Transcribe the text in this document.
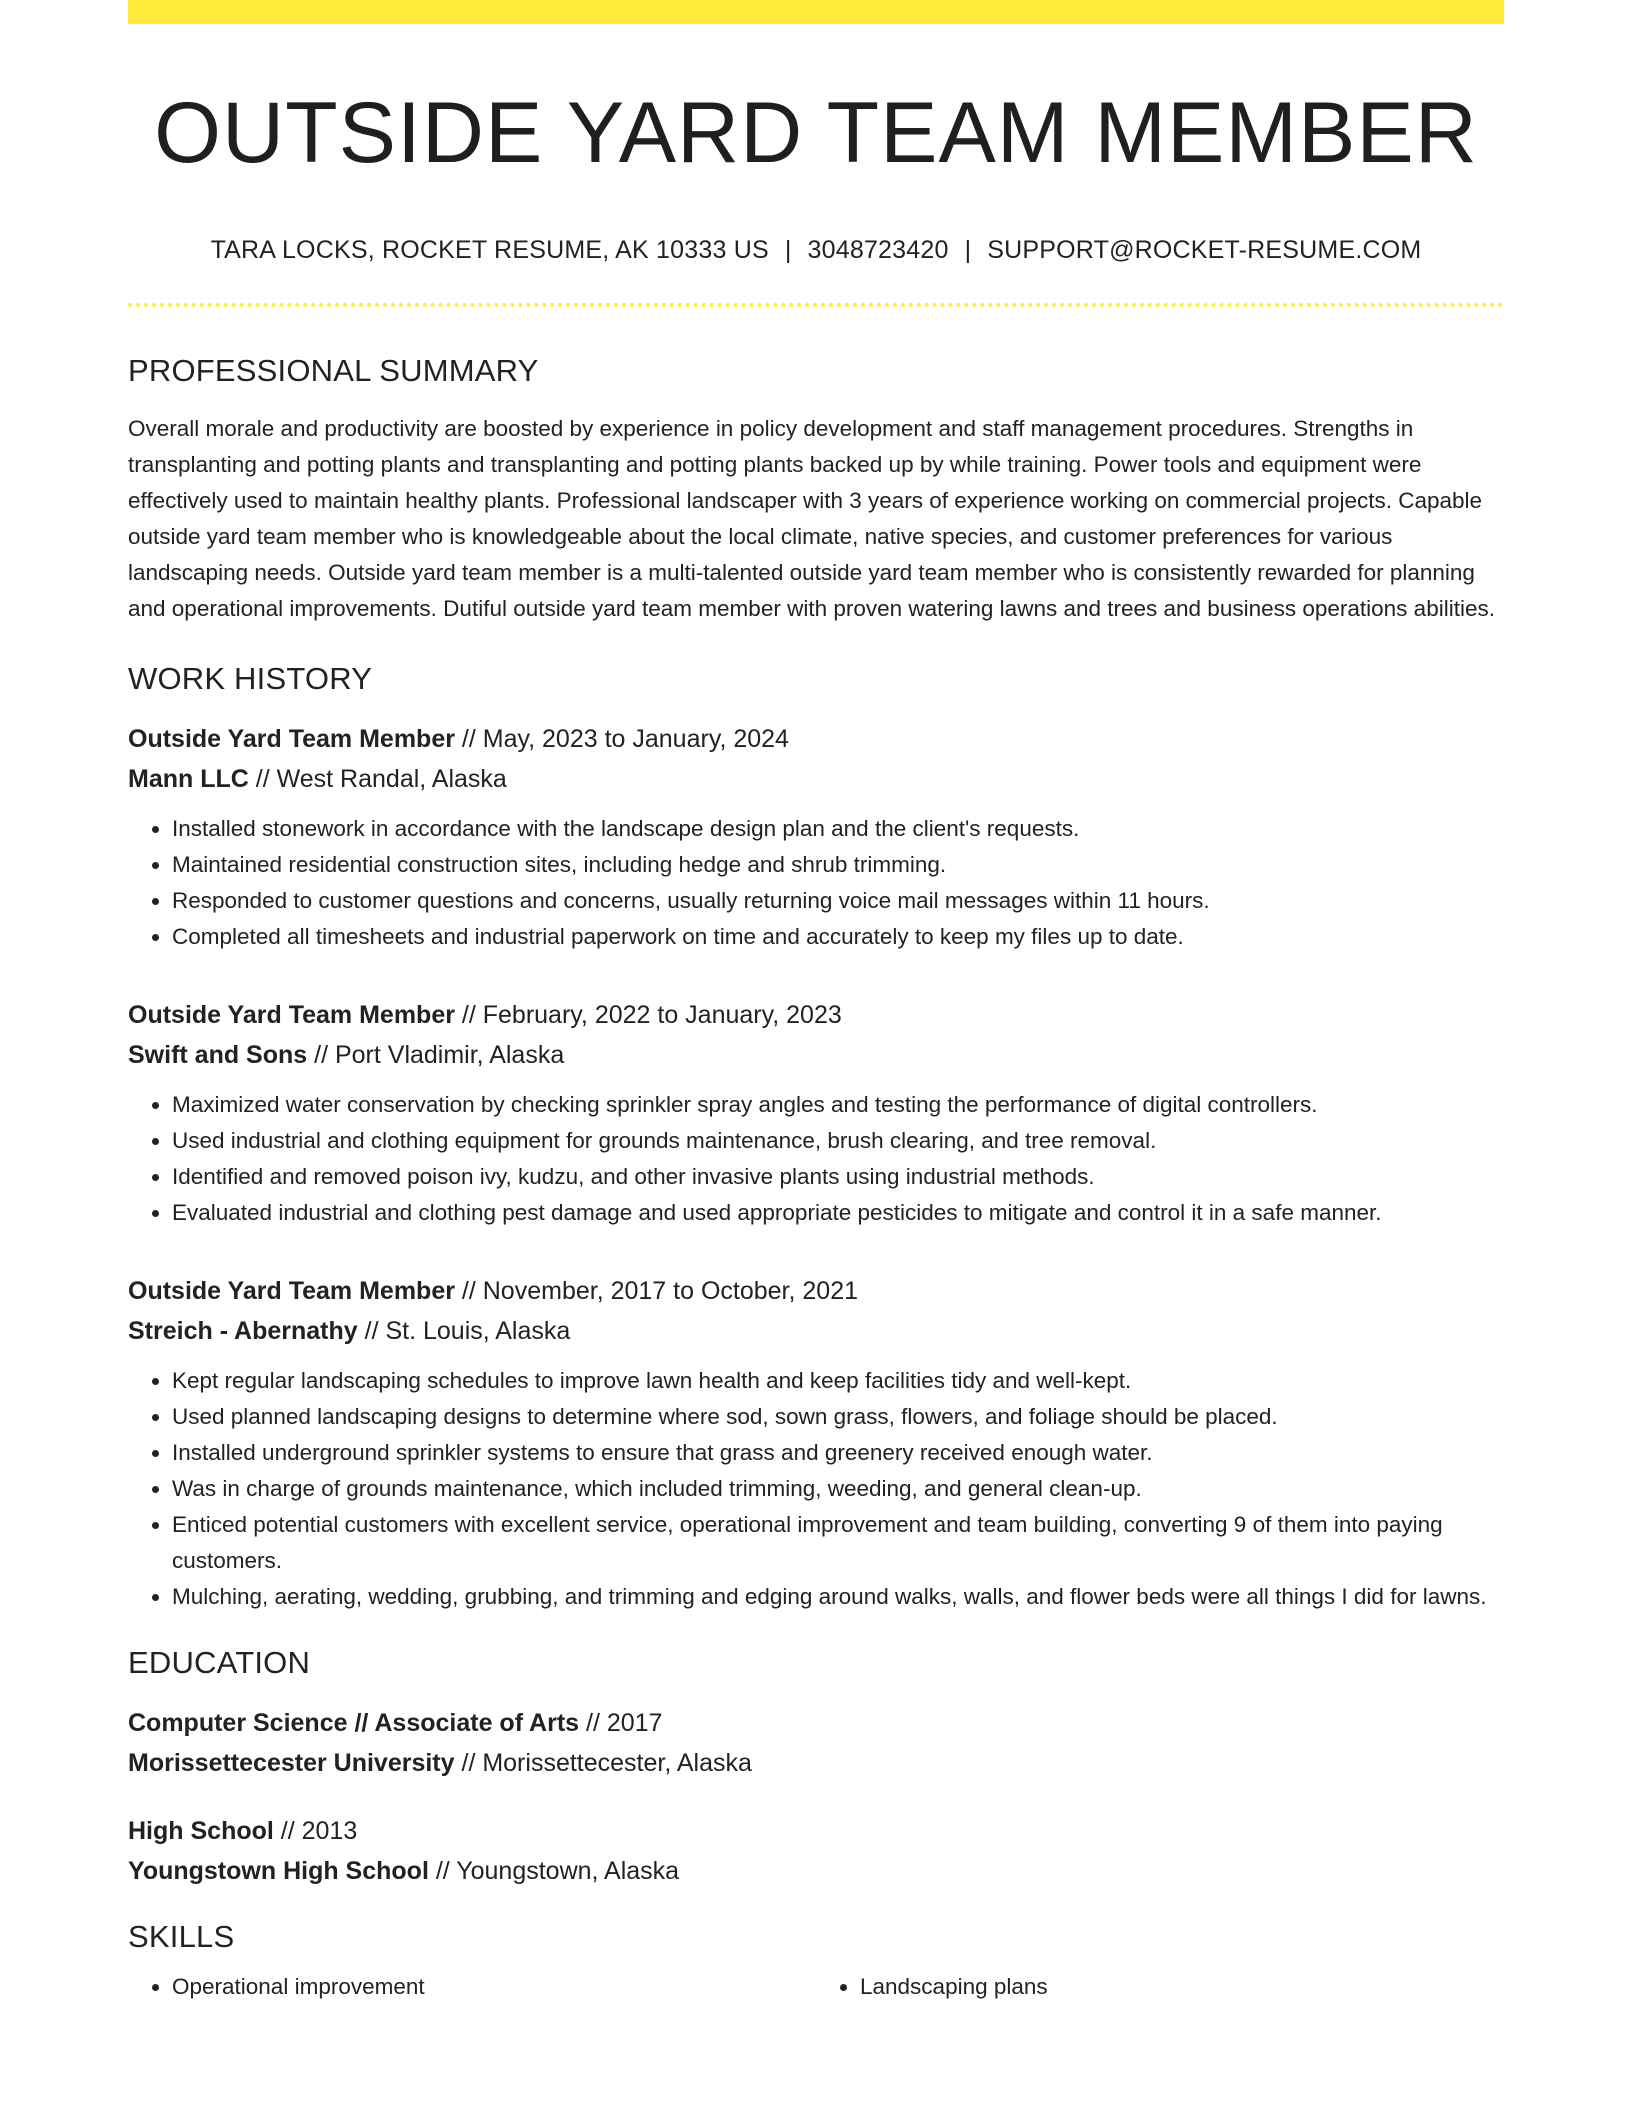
OUTSIDE YARD TEAM MEMBER
TARA LOCKS, ROCKET RESUME, AK 10333 US | 3048723420 | SUPPORT@ROCKET-RESUME.COM
PROFESSIONAL SUMMARY

Overall morale and productivity are boosted by experience in policy development and staff management procedures. Strengths in transplanting and potting plants and transplanting and potting plants backed up by while training. Power tools and equipment were effectively used to maintain healthy plants. Professional landscaper with 3 years of experience working on commercial projects. Capable outside yard team member who is knowledgeable about the local climate, native species, and customer preferences for various landscaping needs. Outside yard team member is a multi-talented outside yard team member who is consistently rewarded for planning and operational improvements. Dutiful outside yard team member with proven watering lawns and trees and business operations abilities.

WORK HISTORY
Outside Yard Team Member // May, 2023 to January, 2024
Mann LLC // West Randal, Alaska
• Installed stonework in accordance with the landscape design plan and the client's requests.
• Maintained residential construction sites, including hedge and shrub trimming.
• Responded to customer questions and concerns, usually returning voice mail messages within 11 hours.
• Completed all timesheets and industrial paperwork on time and accurately to keep my files up to date.
Outside Yard Team Member // February, 2022 to January, 2023
Swift and Sons // Port Vladimir, Alaska
• Maximized water conservation by checking sprinkler spray angles and testing the performance of digital controllers.
• Used industrial and clothing equipment for grounds maintenance, brush clearing, and tree removal.
• Identified and removed poison ivy, kudzu, and other invasive plants using industrial methods.
• Evaluated industrial and clothing pest damage and used appropriate pesticides to mitigate and control it in a safe manner.
Outside Yard Team Member // November, 2017 to October, 2021
Streich - Abernathy // St. Louis, Alaska
• Kept regular landscaping schedules to improve lawn health and keep facilities tidy and well-kept.
• Used planned landscaping designs to determine where sod, sown grass, flowers, and foliage should be placed.
• Installed underground sprinkler systems to ensure that grass and greenery received enough water.
• Was in charge of grounds maintenance, which included trimming, weeding, and general clean-up.
• Enticed potential customers with excellent service, operational improvement and team building, converting 9 of them into paying customers.
• Mulching, aerating, wedding, grubbing, and trimming and edging around walks, walls, and flower beds were all things I did for lawns.
EDUCATION
Computer Science // Associate of Arts // 2017
Morissettecester University // Morissettecester, Alaska
High School // 2013
Youngstown High School // Youngstown, Alaska
SKILLS
• Operational improvement
•	Landscaping plans
